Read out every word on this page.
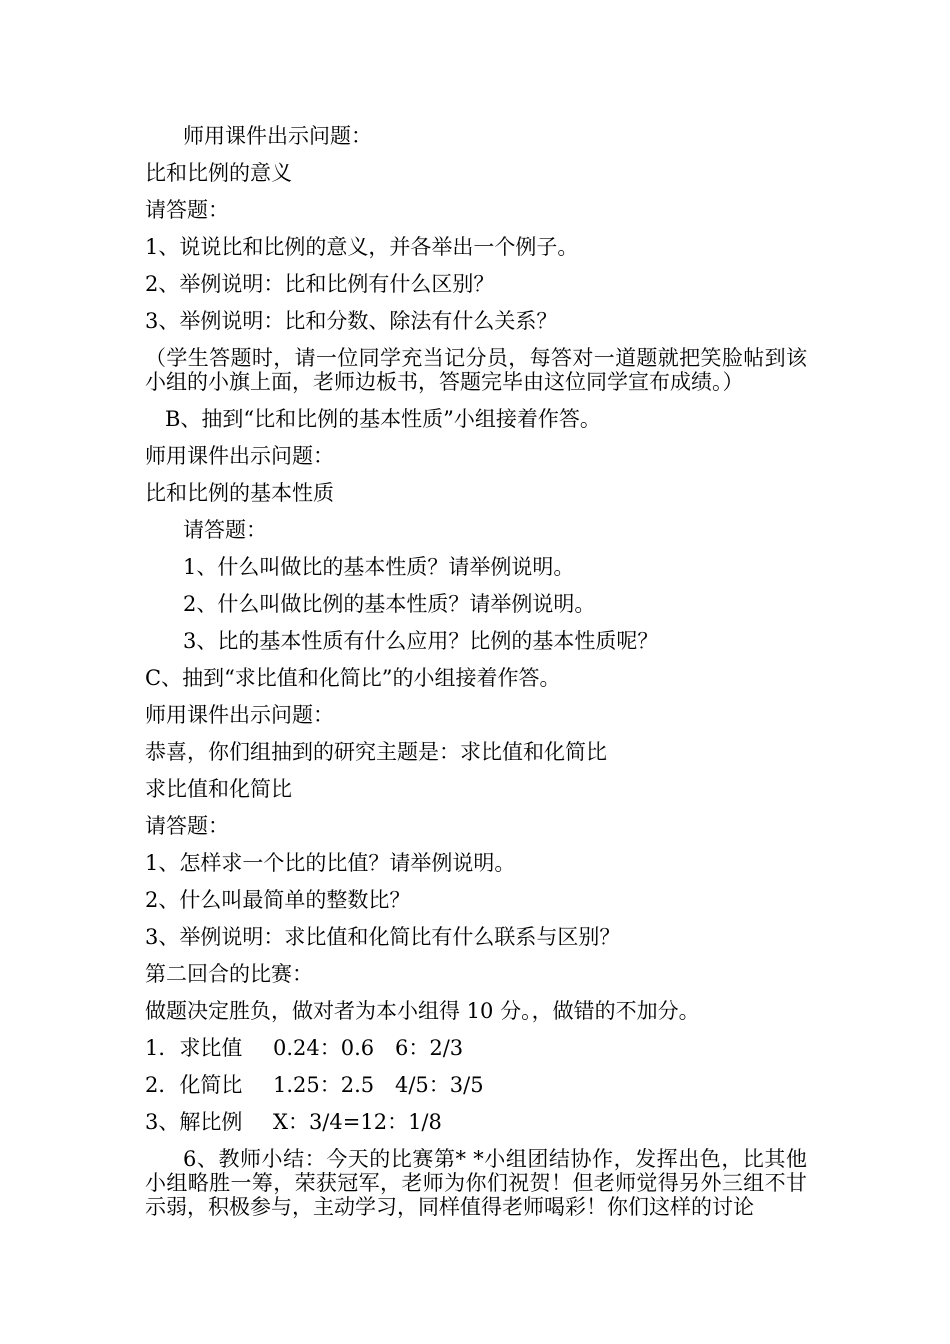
师用课件出示问题：
比和比例的意义
请答题：
1、说说比和比例的意义，并各举出一个例子。
2、举例说明：比和比例有什么区别？
3、举例说明：比和分数、除法有什么关系？
（学生答题时，请一位同学充当记分员，每答对一道题就把笑脸帖到该小组的小旗上面，老师边板书，答题完毕由这位同学宣布成绩。）
B、抽到“比和比例的基本性质”小组接着作答。
师用课件出示问题：
比和比例的基本性质
请答题：
1、什么叫做比的基本性质？请举例说明。
2、什么叫做比例的基本性质？请举例说明。
3、比的基本性质有什么应用？比例的基本性质呢？
C、抽到“求比值和化简比”的小组接着作答。
师用课件出示问题：
恭喜，你们组抽到的研究主题是：求比值和化简比
求比值和化简比
请答题：
1、怎样求一个比的比值？请举例说明。
2、什么叫最简单的整数比？
3、举例说明：求比值和化简比有什么联系与区别？
第二回合的比赛：
做题决定胜负，做对者为本小组得 10 分。，做错的不加分。
1．求比值 0.24：0.6 6：2/3
2．化简比 1.25：2.5 4/5：3/5
3、解比例 X：3/4=12：1/8
6、教师小结：今天的比赛第* *小组团结协作，发挥出色，比其他小组略胜一筹，荣获冠军，老师为你们祝贺！但老师觉得另外三组不甘示弱，积极参与，主动学习，同样值得老师喝彩！你们这样的讨论
